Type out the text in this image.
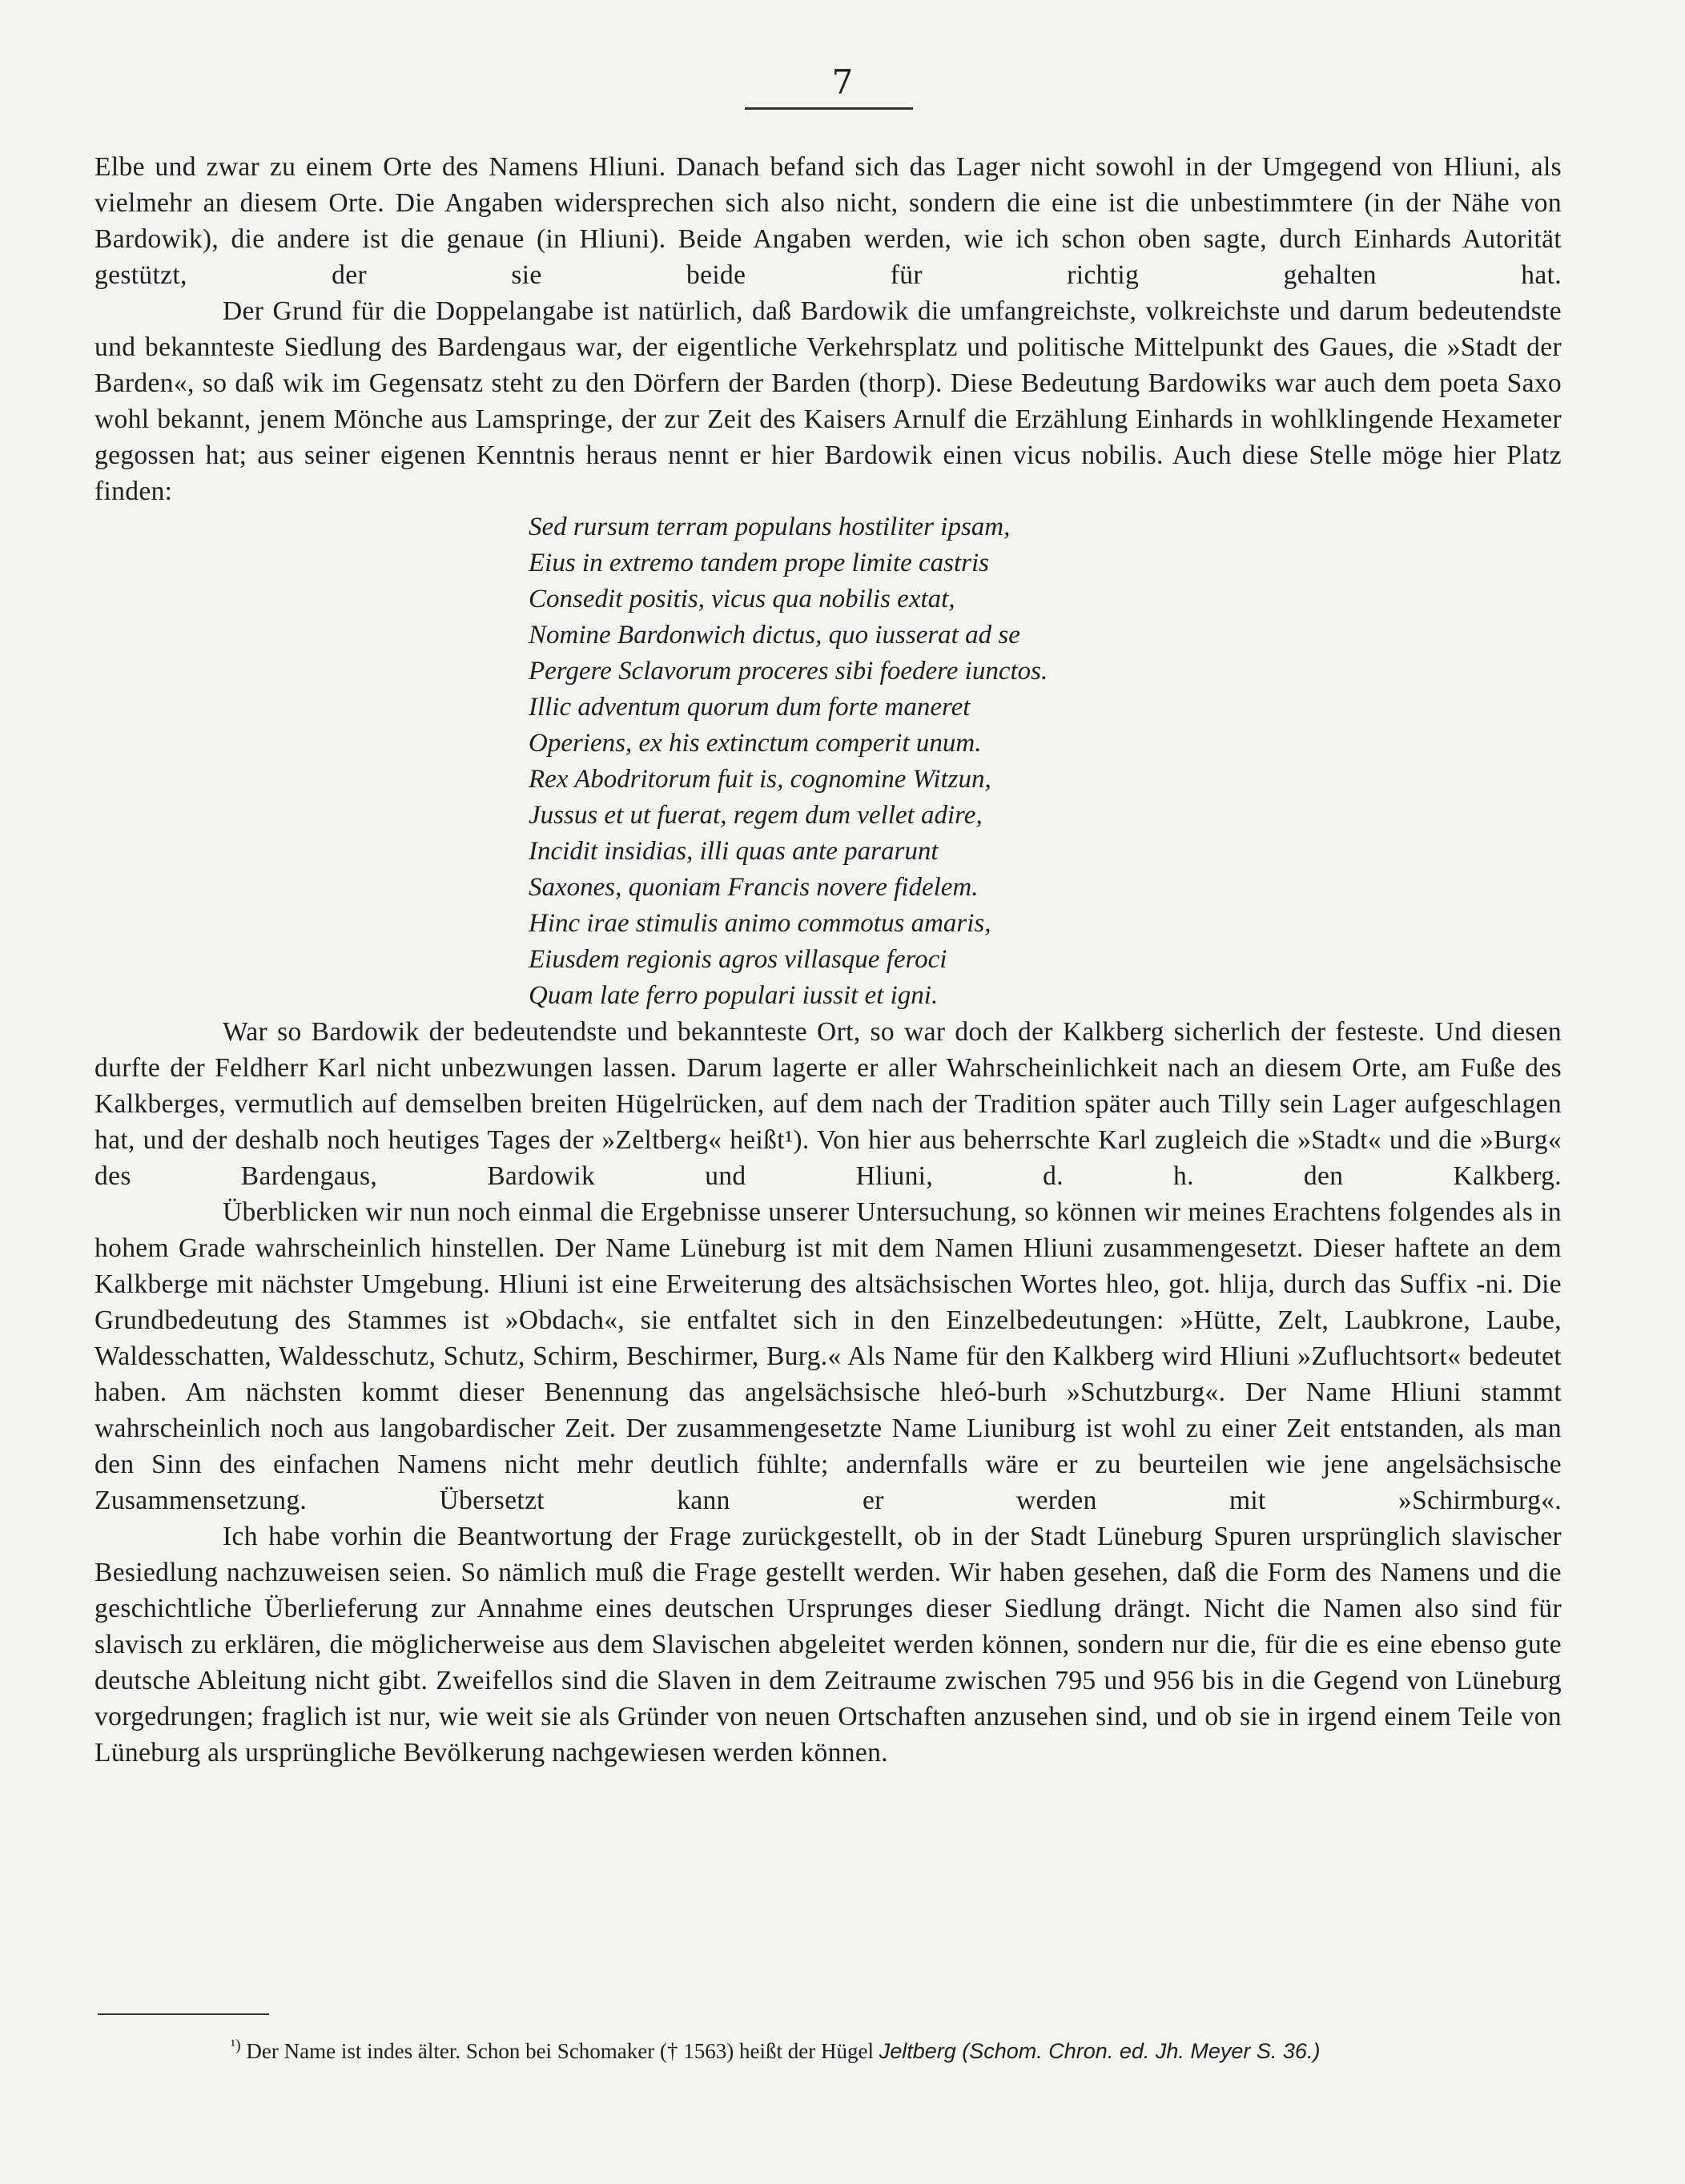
7

Elbe und zwar zu einem Orte des Namens Hliuni. Danach befand sich das Lager nicht sowohl in der Umgegend von Hliuni, als vielmehr an diesem Orte. Die Angaben widersprechen sich also nicht, sondern die eine ist die unbestimmtere (in der Nähe von Bardowik), die andere ist die genaue (in Hliuni). Beide Angaben werden, wie ich schon oben sagte, durch Einhards Autorität gestützt, der sie beide für richtig gehalten hat.

Der Grund für die Doppelangabe ist natürlich, daß Bardowik die umfangreichste, volkreichste und darum bedeutendste und bekannteste Siedlung des Bardengaus war, der eigentliche Verkehrsplatz und politische Mittelpunkt des Gaues, die »Stadt der Barden«, so daß wik im Gegensatz steht zu den Dörfern der Barden (thorp). Diese Bedeutung Bardowiks war auch dem poeta Saxo wohl bekannt, jenem Mönche aus Lamspringe, der zur Zeit des Kaisers Arnulf die Erzählung Einhards in wohlklingende Hexameter gegossen hat; aus seiner eigenen Kenntnis heraus nennt er hier Bardowik einen vicus nobilis. Auch diese Stelle möge hier Platz finden:

Sed rursum terram populans hostiliter ipsam,
Eius in extremo tandem prope limite castris
Consedit positis, vicus qua nobilis extat,
Nomine Bardonwich dictus, quo iusserat ad se
Pergere Sclavorum proceres sibi foedere iunctos.
Illic adventum quorum dum forte maneret
Operiens, ex his extinctum comperit unum.
Rex Abodritorum fuit is, cognomine Witzun,
Jussus et ut fuerat, regem dum vellet adire,
Incidit insidias, illi quas ante pararunt
Saxones, quoniam Francis novere fidelem.
Hinc irae stimulis animo commotus amaris,
Eiusdem regionis agros villasque feroci
Quam late ferro populari iussit et igni.

War so Bardowik der bedeutendste und bekannteste Ort, so war doch der Kalkberg sicherlich der festeste. Und diesen durfte der Feldherr Karl nicht unbezwungen lassen. Darum lagerte er aller Wahrscheinlichkeit nach an diesem Orte, am Fuße des Kalkberges, vermutlich auf demselben breiten Hügelrücken, auf dem nach der Tradition später auch Tilly sein Lager aufgeschlagen hat, und der deshalb noch heutiges Tages der »Zeltberg« heißt¹). Von hier aus beherrschte Karl zugleich die »Stadt« und die »Burg« des Bardengaus, Bardowik und Hliuni, d. h. den Kalkberg.

Überblicken wir nun noch einmal die Ergebnisse unserer Untersuchung, so können wir meines Erachtens folgendes als in hohem Grade wahrscheinlich hinstellen. Der Name Lüneburg ist mit dem Namen Hliuni zusammengesetzt. Dieser haftete an dem Kalkberge mit nächster Umgebung. Hliuni ist eine Erweiterung des altsächsischen Wortes hleo, got. hlija, durch das Suffix -ni. Die Grundbedeutung des Stammes ist »Obdach«, sie entfaltet sich in den Einzelbedeutungen: »Hütte, Zelt, Laubkrone, Laube, Waldesschatten, Waldesschutz, Schutz, Schirm, Beschirmer, Burg.« Als Name für den Kalkberg wird Hliuni »Zufluchtsort« bedeutet haben. Am nächsten kommt dieser Benennung das angelsächsische hleó-burh »Schutzburg«. Der Name Hliuni stammt wahrscheinlich noch aus langobardischer Zeit. Der zusammengesetzte Name Liuniburg ist wohl zu einer Zeit entstanden, als man den Sinn des einfachen Namens nicht mehr deutlich fühlte; andernfalls wäre er zu beurteilen wie jene angelsächsische Zusammensetzung. Übersetzt kann er werden mit »Schirmburg«.

Ich habe vorhin die Beantwortung der Frage zurückgestellt, ob in der Stadt Lüneburg Spuren ursprünglich slavischer Besiedlung nachzuweisen seien. So nämlich muß die Frage gestellt werden. Wir haben gesehen, daß die Form des Namens und die geschichtliche Überlieferung zur Annahme eines deutschen Ursprunges dieser Siedlung drängt. Nicht die Namen also sind für slavisch zu erklären, die möglicherweise aus dem Slavischen abgeleitet werden können, sondern nur die, für die es eine ebenso gute deutsche Ableitung nicht gibt. Zweifellos sind die Slaven in dem Zeitraume zwischen 795 und 956 bis in die Gegend von Lüneburg vorgedrungen; fraglich ist nur, wie weit sie als Gründer von neuen Ortschaften anzusehen sind, und ob sie in irgend einem Teile von Lüneburg als ursprüngliche Bevölkerung nachgewiesen werden können.

$^{^1)}$ Der Name ist indes älter. Schon bei Schomaker († 1563) heißt der Hügel Jeltberg (Schom. Chron. ed. Jh. Meyer S. 36.)
